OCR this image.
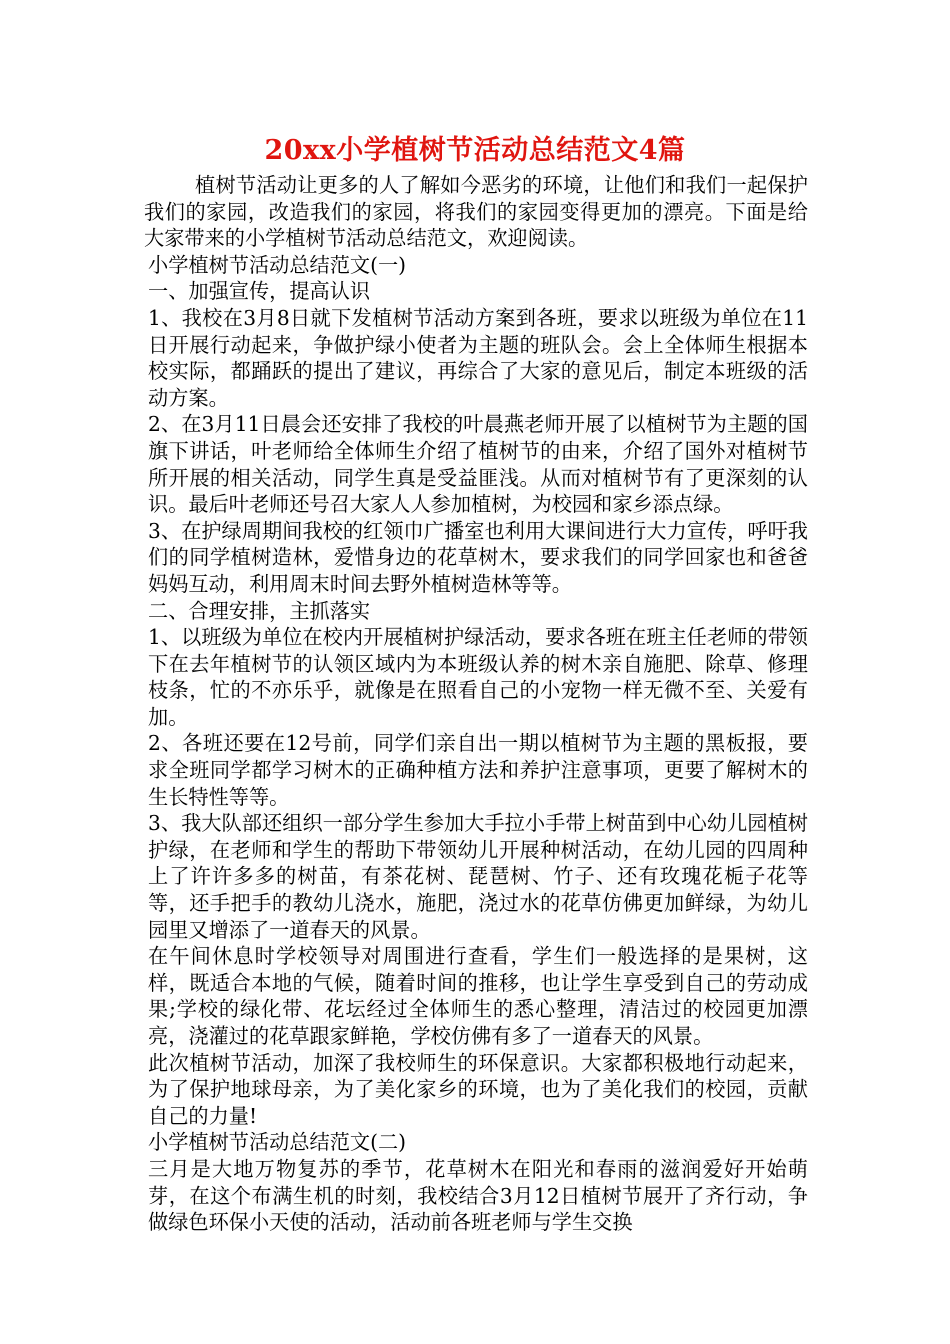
20xx小学植树节活动总结范文4篇

植树节活动让更多的人了解如今恶劣的环境，让他们和我们一起保护我们的家园，改造我们的家园，将我们的家园变得更加的漂亮。下面是给大家带来的小学植树节活动总结范文，欢迎阅读。

小学植树节活动总结范文(一)

一、加强宣传，提高认识

1、我校在3月8日就下发植树节活动方案到各班，要求以班级为单位在11日开展行动起来，争做护绿小使者为主题的班队会。会上全体师生根据本校实际，都踊跃的提出了建议，再综合了大家的意见后，制定本班级的活动方案。

2、在3月11日晨会还安排了我校的叶晨燕老师开展了以植树节为主题的国旗下讲话，叶老师给全体师生介绍了植树节的由来，介绍了国外对植树节所开展的相关活动，同学生真是受益匪浅。从而对植树节有了更深刻的认识。最后叶老师还号召大家人人参加植树，为校园和家乡添点绿。

3、在护绿周期间我校的红领巾广播室也利用大课间进行大力宣传，呼吁我们的同学植树造林，爱惜身边的花草树木，要求我们的同学回家也和爸爸妈妈互动，利用周末时间去野外植树造林等等。

二、合理安排，主抓落实

1、以班级为单位在校内开展植树护绿活动，要求各班在班主任老师的带领下在去年植树节的认领区域内为本班级认养的树木亲自施肥、除草、修理枝条，忙的不亦乐乎，就像是在照看自己的小宠物一样无微不至、关爱有加。

2、各班还要在12号前，同学们亲自出一期以植树节为主题的黑板报，要求全班同学都学习树木的正确种植方法和养护注意事项，更要了解树木的生长特性等等。

3、我大队部还组织一部分学生参加大手拉小手带上树苗到中心幼儿园植树护绿，在老师和学生的帮助下带领幼儿开展种树活动，在幼儿园的四周种上了许许多多的树苗，有茶花树、琵琶树、竹子、还有玫瑰花栀子花等等，还手把手的教幼儿浇水，施肥，浇过水的花草仿佛更加鲜绿，为幼儿园里又增添了一道春天的风景。

在午间休息时学校领导对周围进行查看，学生们一般选择的是果树，这样，既适合本地的气候，随着时间的推移，也让学生享受到自己的劳动成果;学校的绿化带、花坛经过全体师生的悉心整理，清洁过的校园更加漂亮，浇灌过的花草跟家鲜艳，学校仿佛有多了一道春天的风景。

此次植树节活动，加深了我校师生的环保意识。大家都积极地行动起来，为了保护地球母亲，为了美化家乡的环境，也为了美化我们的校园，贡献自己的力量!

小学植树节活动总结范文(二)

三月是大地万物复苏的季节，花草树木在阳光和春雨的滋润爱好开始萌芽，在这个布满生机的时刻，我校结合3月12日植树节展开了齐行动，争做绿色环保小天使的活动，活动前各班老师与学生交换
